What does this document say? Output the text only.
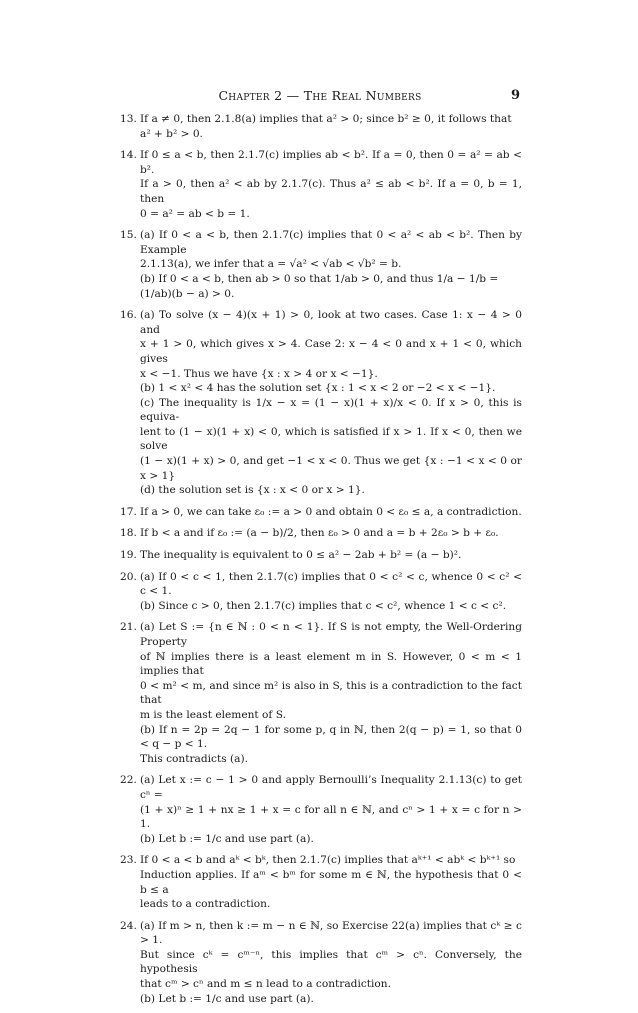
Chapter 2 — The Real Numbers	9
13. If a ≠ 0, then 2.1.8(a) implies that a² > 0; since b² ≥ 0, it follows that
a² + b² > 0.
14. If 0 ≤ a < b, then 2.1.7(c) implies ab < b². If a = 0, then 0 = a² = ab < b².
If a > 0, then a² < ab by 2.1.7(c). Thus a² ≤ ab < b². If a = 0, b = 1, then
0 = a² = ab < b = 1.
15. (a) If 0 < a < b, then 2.1.7(c) implies that 0 < a² < ab < b². Then by Example
2.1.13(a), we infer that a = √a² < √ab < √b² = b.
(b) If 0 < a < b, then ab > 0 so that 1/ab > 0, and thus 1/a − 1/b =
(1/ab)(b − a) > 0.
16. (a) To solve (x − 4)(x + 1) > 0, look at two cases. Case 1: x − 4 > 0 and
x + 1 > 0, which gives x > 4. Case 2: x − 4 < 0 and x + 1 < 0, which gives
x < −1. Thus we have {x : x > 4 or x < −1}.
(b) 1 < x² < 4 has the solution set {x : 1 < x < 2 or −2 < x < −1}.
(c) The inequality is 1/x − x = (1 − x)(1 + x)/x < 0. If x > 0, this is equiva-
lent to (1 − x)(1 + x) < 0, which is satisfied if x > 1. If x < 0, then we solve
(1 − x)(1 + x) > 0, and get −1 < x < 0. Thus we get {x : −1 < x < 0 or x > 1}
(d) the solution set is {x : x < 0 or x > 1}.
17. If a > 0, we can take ε₀ := a > 0 and obtain 0 < ε₀ ≤ a, a contradiction.
18. If b < a and if ε₀ := (a − b)/2, then ε₀ > 0 and a = b + 2ε₀ > b + ε₀.
19. The inequality is equivalent to 0 ≤ a² − 2ab + b² = (a − b)².
20. (a) If 0 < c < 1, then 2.1.7(c) implies that 0 < c² < c, whence 0 < c² < c < 1.
(b) Since c > 0, then 2.1.7(c) implies that c < c², whence 1 < c < c².
21. (a) Let S := {n ∈ ℕ : 0 < n < 1}. If S is not empty, the Well-Ordering Property
of ℕ implies there is a least element m in S. However, 0 < m < 1 implies that
0 < m² < m, and since m² is also in S, this is a contradiction to the fact that
m is the least element of S.
(b) If n = 2p = 2q − 1 for some p, q in ℕ, then 2(q − p) = 1, so that 0 < q − p < 1.
This contradicts (a).
22. (a) Let x := c − 1 > 0 and apply Bernoulli’s Inequality 2.1.13(c) to get cⁿ =
(1 + x)ⁿ ≥ 1 + nx ≥ 1 + x = c for all n ∈ ℕ, and cⁿ > 1 + x = c for n > 1.
(b) Let b := 1/c and use part (a).
23. If 0 < a < b and aᵏ < bᵏ, then 2.1.7(c) implies that aᵏ⁺¹ < abᵏ < bᵏ⁺¹ so
Induction applies. If aᵐ < bᵐ for some m ∈ ℕ, the hypothesis that 0 < b ≤ a
leads to a contradiction.
24. (a) If m > n, then k := m − n ∈ ℕ, so Exercise 22(a) implies that cᵏ ≥ c > 1.
But since cᵏ = cᵐ⁻ⁿ, this implies that cᵐ > cⁿ. Conversely, the hypothesis
that cᵐ > cⁿ and m ≤ n lead to a contradiction.
(b) Let b := 1/c and use part (a).
